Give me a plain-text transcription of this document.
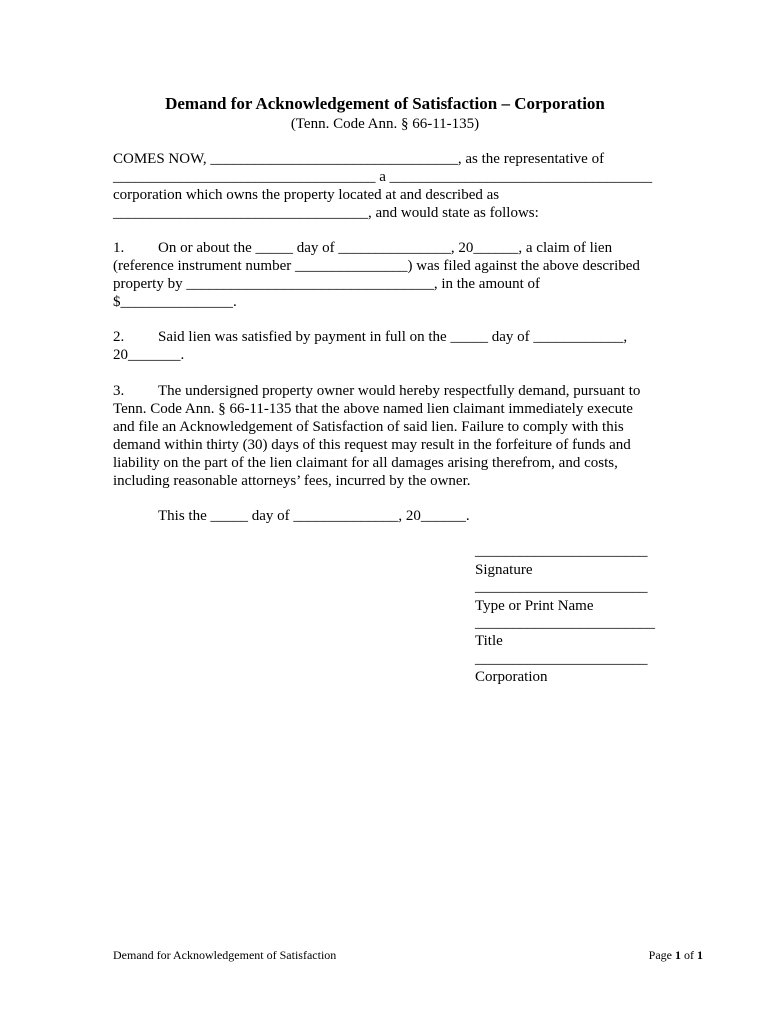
Demand for Acknowledgement of Satisfaction – Corporation
(Tenn. Code Ann. § 66-11-135)
COMES NOW, _________________________________, as the representative of
___________________________________ a ___________________________________
corporation which owns the property located at and described as
__________________________________, and would state as follows:
1. On or about the _____ day of _______________, 20______, a claim of lien
(reference instrument number _______________) was filed against the above described
property by _________________________________, in the amount of
$_______________.
2. Said lien was satisfied by payment in full on the _____ day of ____________,
20_______.
3. The undersigned property owner would hereby respectfully demand, pursuant to
Tenn. Code Ann. § 66-11-135 that the above named lien claimant immediately execute
and file an Acknowledgement of Satisfaction of said lien. Failure to comply with this
demand within thirty (30) days of this request may result in the forfeiture of funds and
liability on the part of the lien claimant for all damages arising therefrom, and costs,
including reasonable attorneys’ fees, incurred by the owner.
This the _____ day of ______________, 20______.
_______________________
Signature
_______________________
Type or Print Name
________________________
Title
_______________________
Corporation
Demand for Acknowledgement of Satisfaction	Page 1 of 1
